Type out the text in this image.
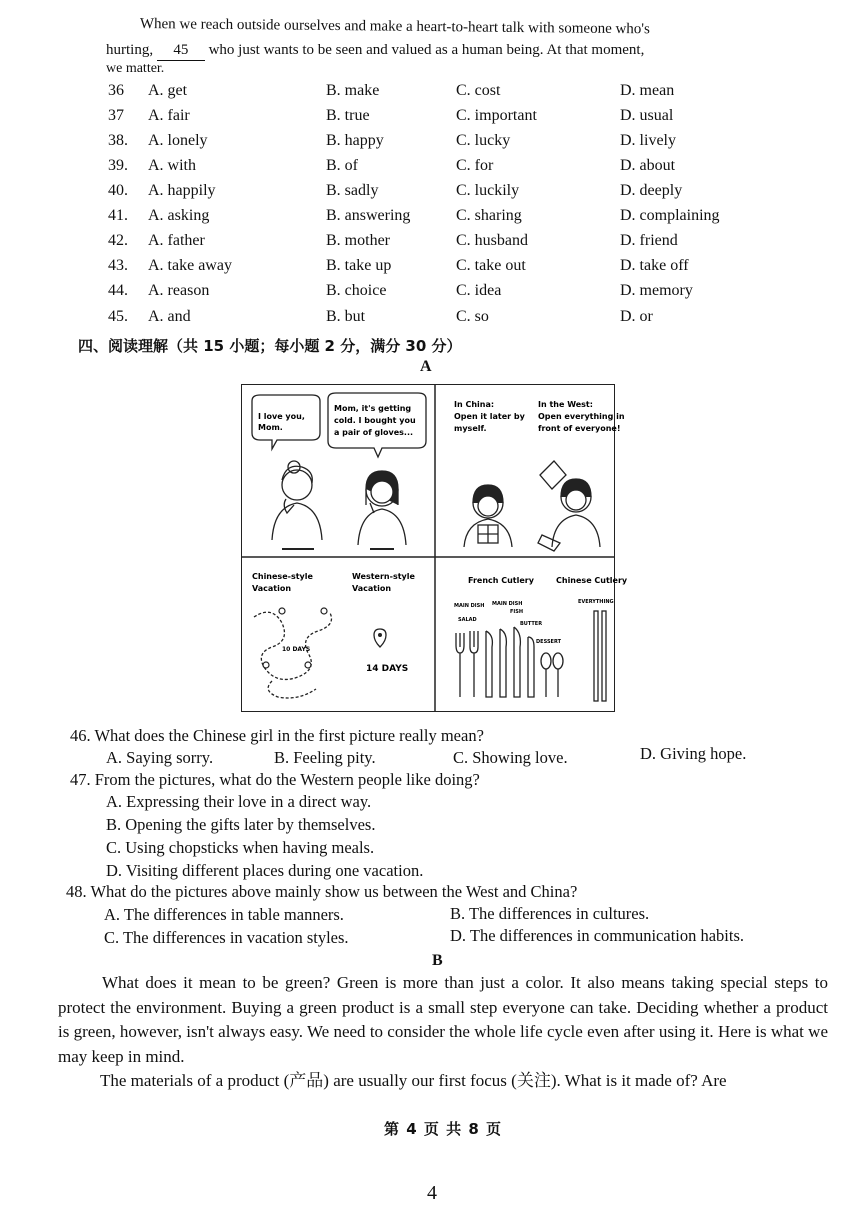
When we reach outside ourselves and make a heart-to-heart talk with someone who's
hurting, 45 who just wants to be seen and valued as a human being. At that moment,
we matter.
36 A. get	B. make	C. cost	D. mean
37 A. fair	B. true	C. important	D. usual
38. A. lonely	B. happy	C. lucky	D. lively
39. A. with	B. of	C. for	D. about
40. A. happily	B. sadly	C. luckily	D. deeply
41. A. asking	B. answering	C. sharing	D. complaining
42. A. father	B. mother	C. husband	D. friend
43. A. take away	B. take up	C. take out	D. take off
44. A. reason	B. choice	C. idea	D. memory
45. A. and	B. but	C. so	D. or
四、阅读理解（共 15 小题；每小题 2 分，满分 30 分）
A
I love you,
Mom.
Mom, it's getting
cold. I bought you
a pair of gloves...
In China:
Open it later by
myself.
In the West:
Open everything in
front of everyone!
Chinese-style
Vacation
Western-style
Vacation
10 DAYS
14 DAYS
French Cutlery	Chinese Cutlery
MAIN DISH MAIN DISH
FISH
SALAD
BUTTER
DESSERT
EVERYTHING
46. What does the Chinese girl in the first picture really mean?
A. Saying sorry.	B. Feeling pity.	C. Showing love.	D. Giving hope.
47. From the pictures, what do the Western people like doing?
A. Expressing their love in a direct way.
B. Opening the gifts later by themselves.
C. Using chopsticks when having meals.
D. Visiting different places during one vacation.
48. What do the pictures above mainly show us between the West and China?
A. The differences in table manners.	B. The differences in cultures.
C. The differences in vacation styles.	D. The differences in communication habits.
B
What does it mean to be green? Green is more than just a color. It also means taking special steps to protect the environment. Buying a green product is a small step everyone can take. Deciding whether a product is green, however, isn't always easy. We need to consider the whole life cycle even after using it. Here is what we may keep in mind.
The materials of a product (产品) are usually our first focus (关注). What is it made of? Are
第 4 页 共 8 页
4
